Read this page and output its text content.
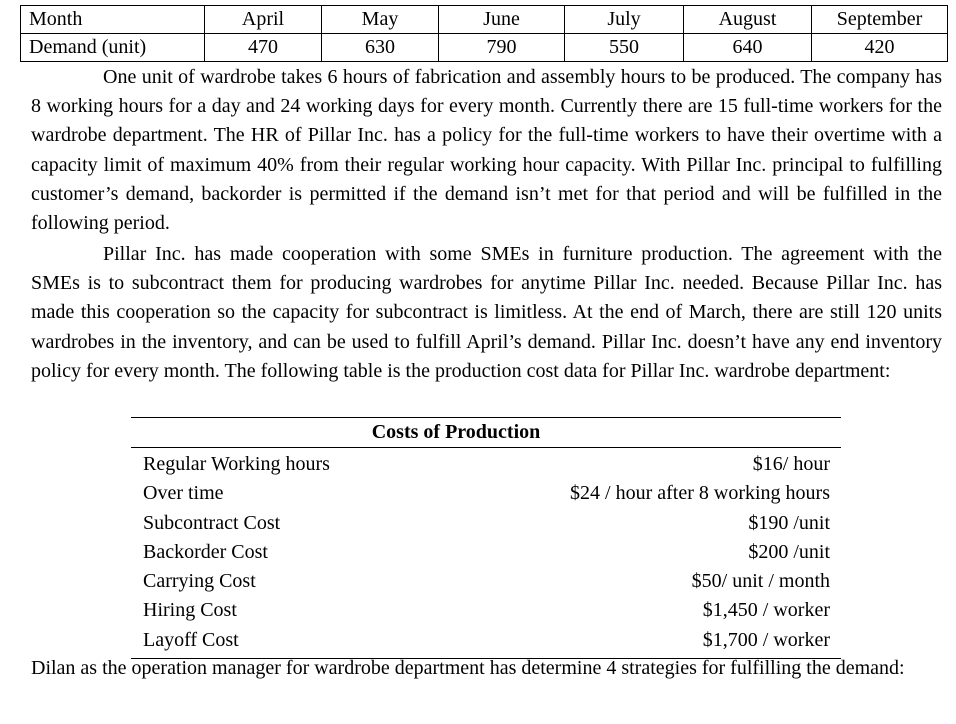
Month	April	May	June	July	August	September
Demand (unit)	470	630	790	550	640	420

One unit of wardrobe takes 6 hours of fabrication and assembly hours to be produced. The company has 8 working hours for a day and 24 working days for every month. Currently there are 15 full-time workers for the wardrobe department. The HR of Pillar Inc. has a policy for the full-time workers to have their overtime with a capacity limit of maximum 40% from their regular working hour capacity. With Pillar Inc. principal to fulfilling customer’s demand, backorder is permitted if the demand isn’t met for that period and will be fulfilled in the following period.

Pillar Inc. has made cooperation with some SMEs in furniture production. The agreement with the SMEs is to subcontract them for producing wardrobes for anytime Pillar Inc. needed. Because Pillar Inc. has made this cooperation so the capacity for subcontract is limitless. At the end of March, there are still 120 units wardrobes in the inventory, and can be used to fulfill April’s demand. Pillar Inc. doesn’t have any end inventory policy for every month. The following table is the production cost data for Pillar Inc. wardrobe department:

Costs of Production
Regular Working hours	$16/ hour
Over time	$24 / hour after 8 working hours
Subcontract Cost	$190 /unit
Backorder Cost	$200 /unit
Carrying Cost	$50/ unit / month
Hiring Cost	$1,450 / worker
Layoff Cost	$1,700 / worker

Dilan as the operation manager for wardrobe department has determine 4 strategies for fulfilling the demand:
